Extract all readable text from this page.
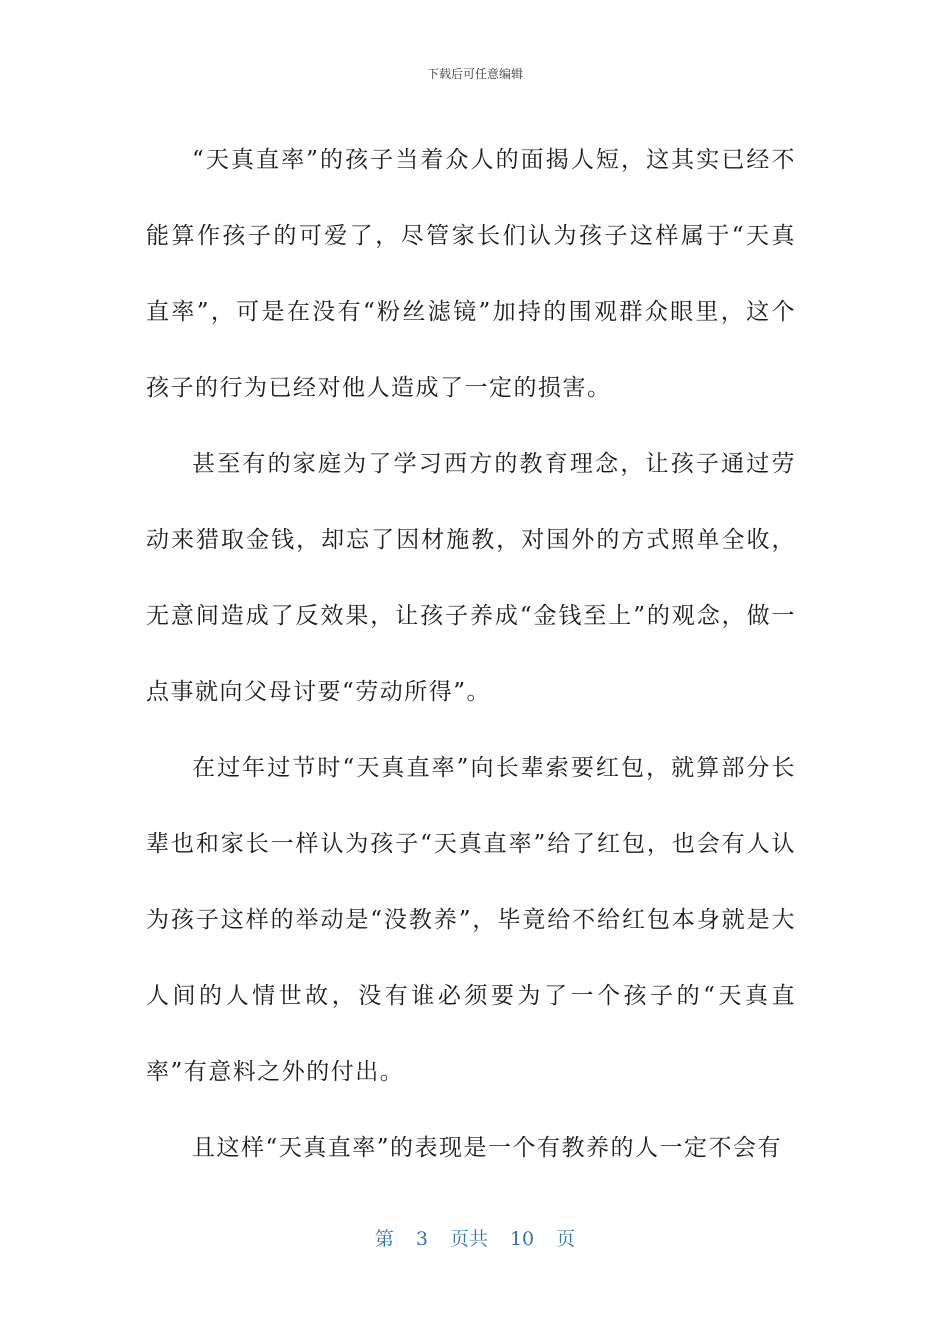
下载后可任意编辑

“天真直率”的孩子当着众人的面揭人短，这其实已经不能算作孩子的可爱了，尽管家长们认为孩子这样属于“天真直率”，可是在没有“粉丝滤镜”加持的围观群众眼里，这个孩子的行为已经对他人造成了一定的损害。

甚至有的家庭为了学习西方的教育理念，让孩子通过劳动来猎取金钱，却忘了因材施教，对国外的方式照单全收，无意间造成了反效果，让孩子养成“金钱至上”的观念，做一点事就向父母讨要“劳动所得”。

在过年过节时“天真直率”向长辈索要红包，就算部分长辈也和家长一样认为孩子“天真直率”给了红包，也会有人认为孩子这样的举动是“没教养”，毕竟给不给红包本身就是大人间的人情世故，没有谁必须要为了一个孩子的“天真直率”有意料之外的付出。

且这样“天真直率”的表现是一个有教养的人一定不会有

第 3 页共 10 页
